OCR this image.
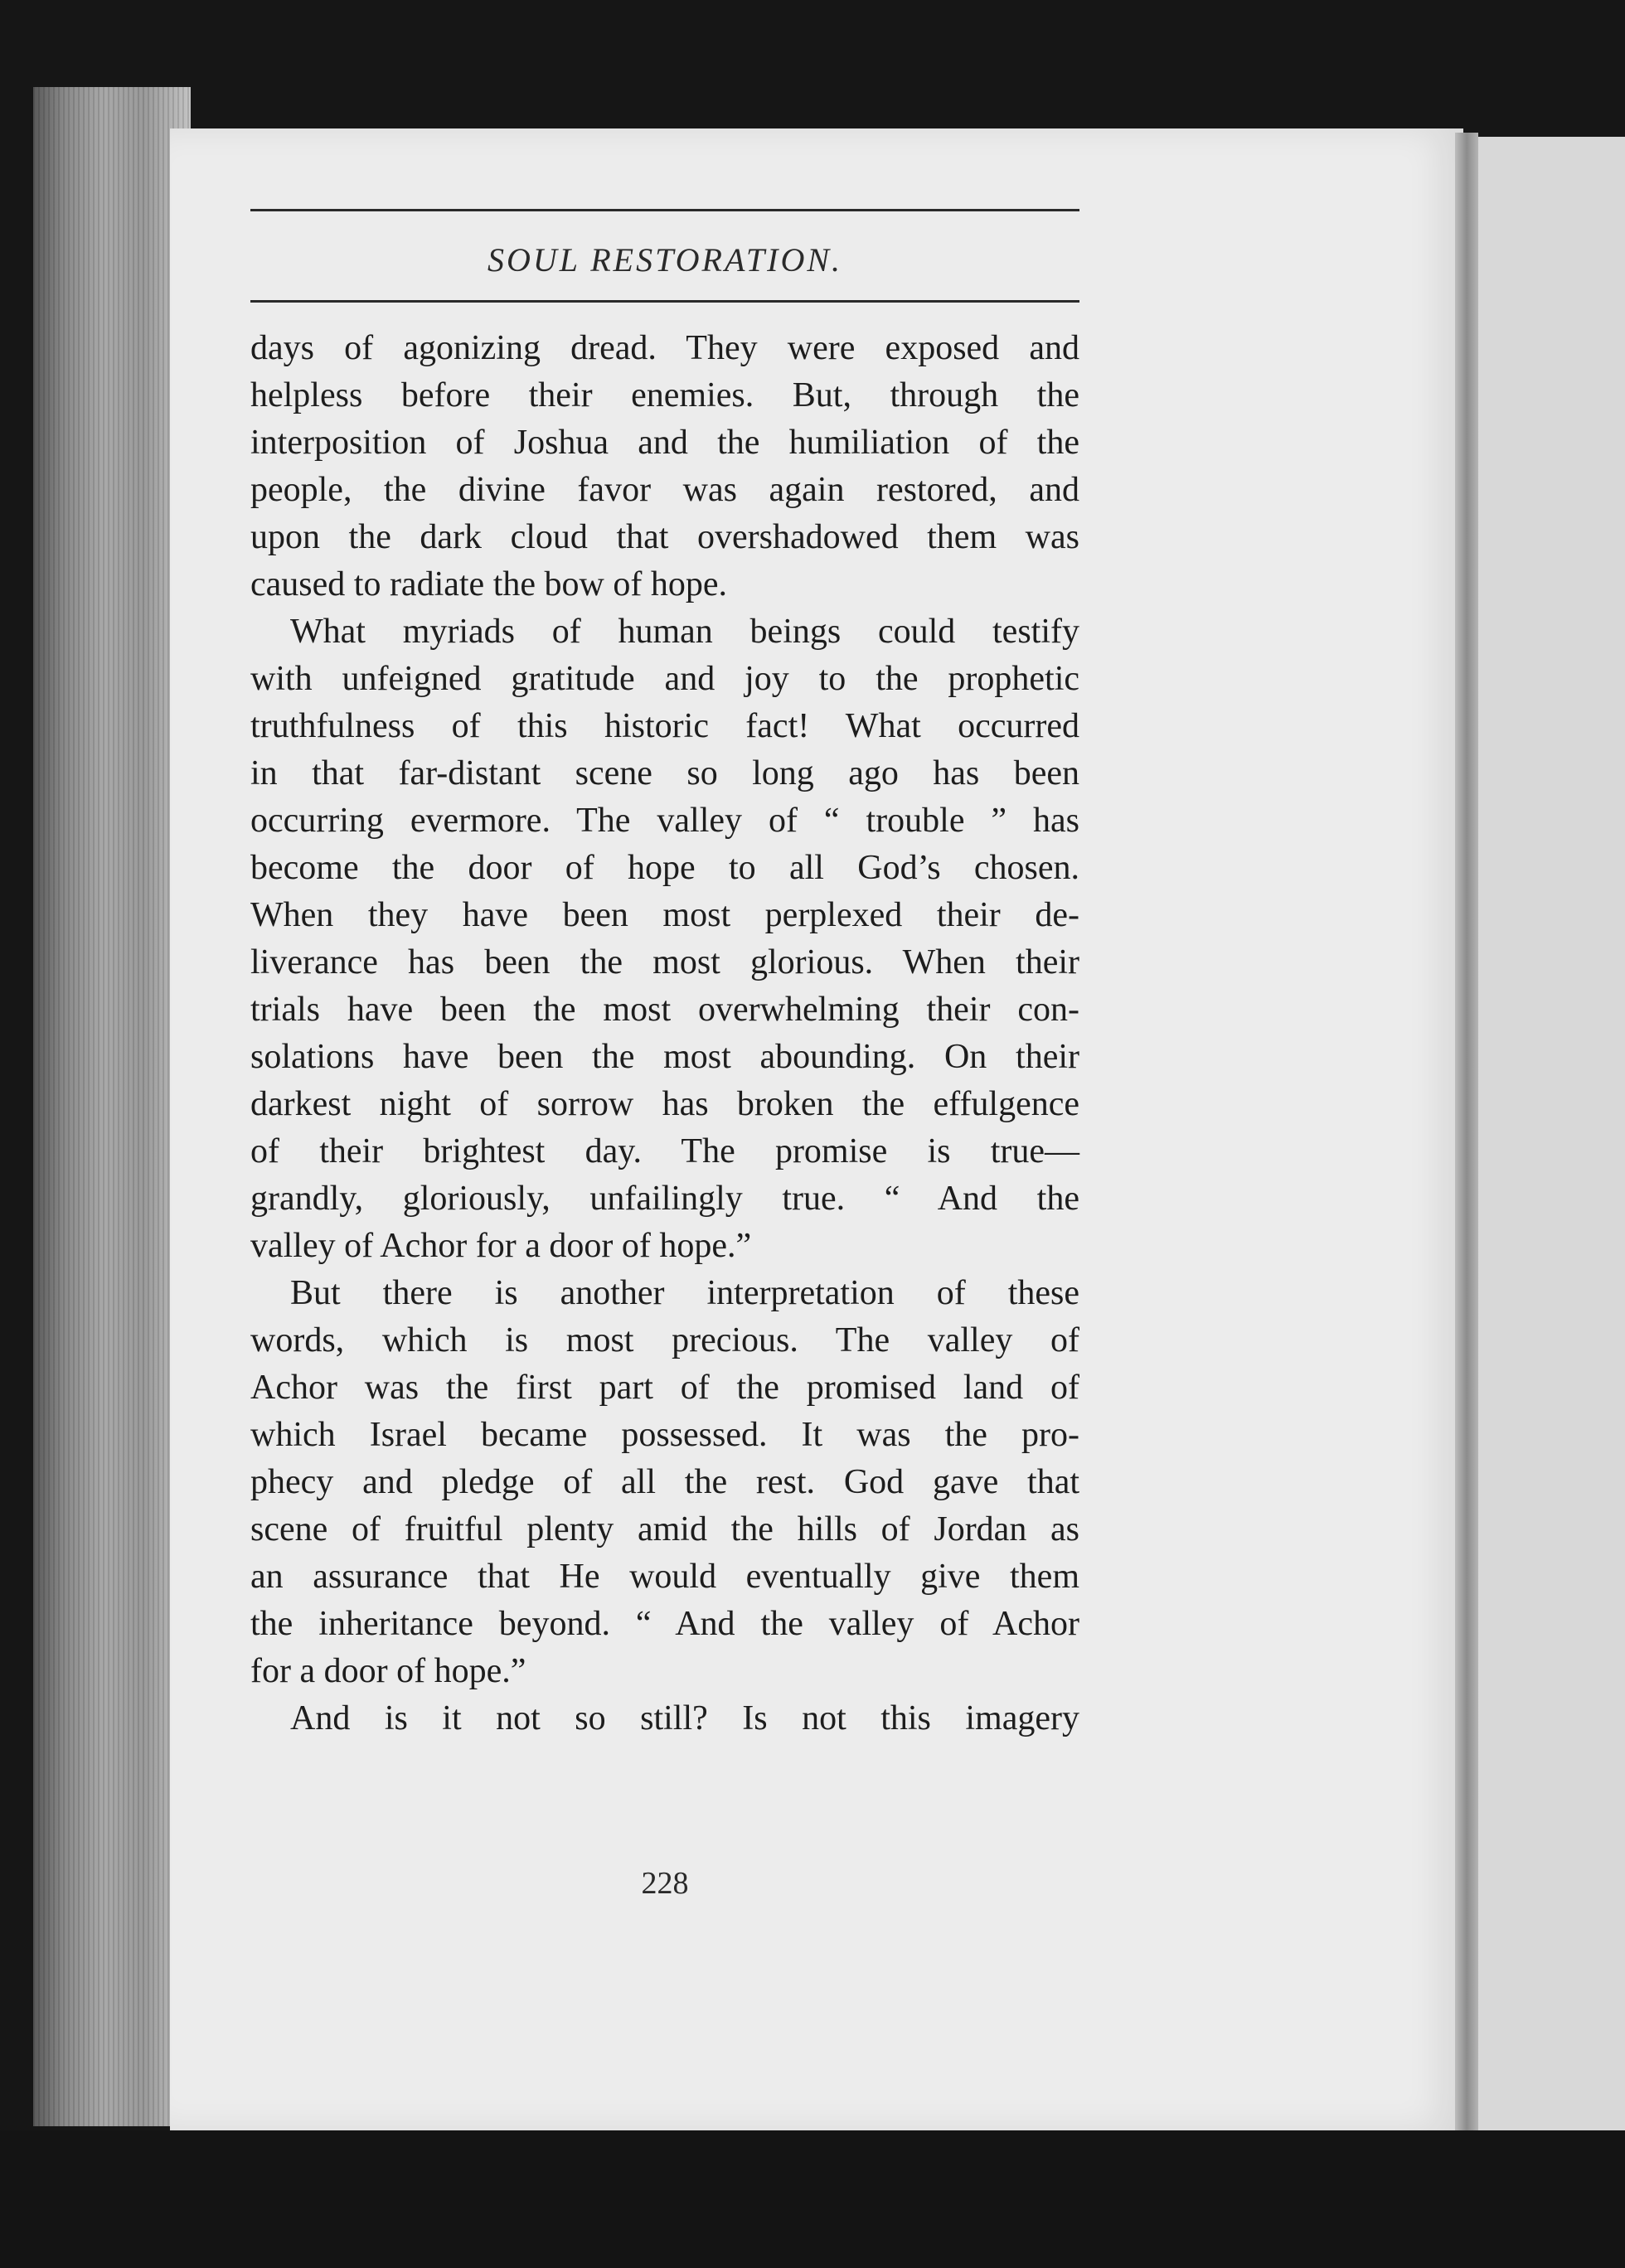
SOUL RESTORATION.
days of agonizing dread. They were exposed and
helpless before their enemies. But, through the
interposition of Joshua and the humiliation of the
people, the divine favor was again restored, and
upon the dark cloud that overshadowed them was
caused to radiate the bow of hope.
What myriads of human beings could testify
with unfeigned gratitude and joy to the prophetic
truthfulness of this historic fact! What occurred
in that far-distant scene so long ago has been
occurring evermore. The valley of “ trouble ” has
become the door of hope to all God’s chosen.
When they have been most perplexed their de-
liverance has been the most glorious. When their
trials have been the most overwhelming their con-
solations have been the most abounding. On their
darkest night of sorrow has broken the effulgence
of their brightest day. The promise is true—
grandly, gloriously, unfailingly true. “ And the
valley of Achor for a door of hope.”
But there is another interpretation of these
words, which is most precious. The valley of
Achor was the first part of the promised land of
which Israel became possessed. It was the pro-
phecy and pledge of all the rest. God gave that
scene of fruitful plenty amid the hills of Jordan as
an assurance that He would eventually give them
the inheritance beyond. “ And the valley of Achor
for a door of hope.”
And is it not so still? Is not this imagery
228
